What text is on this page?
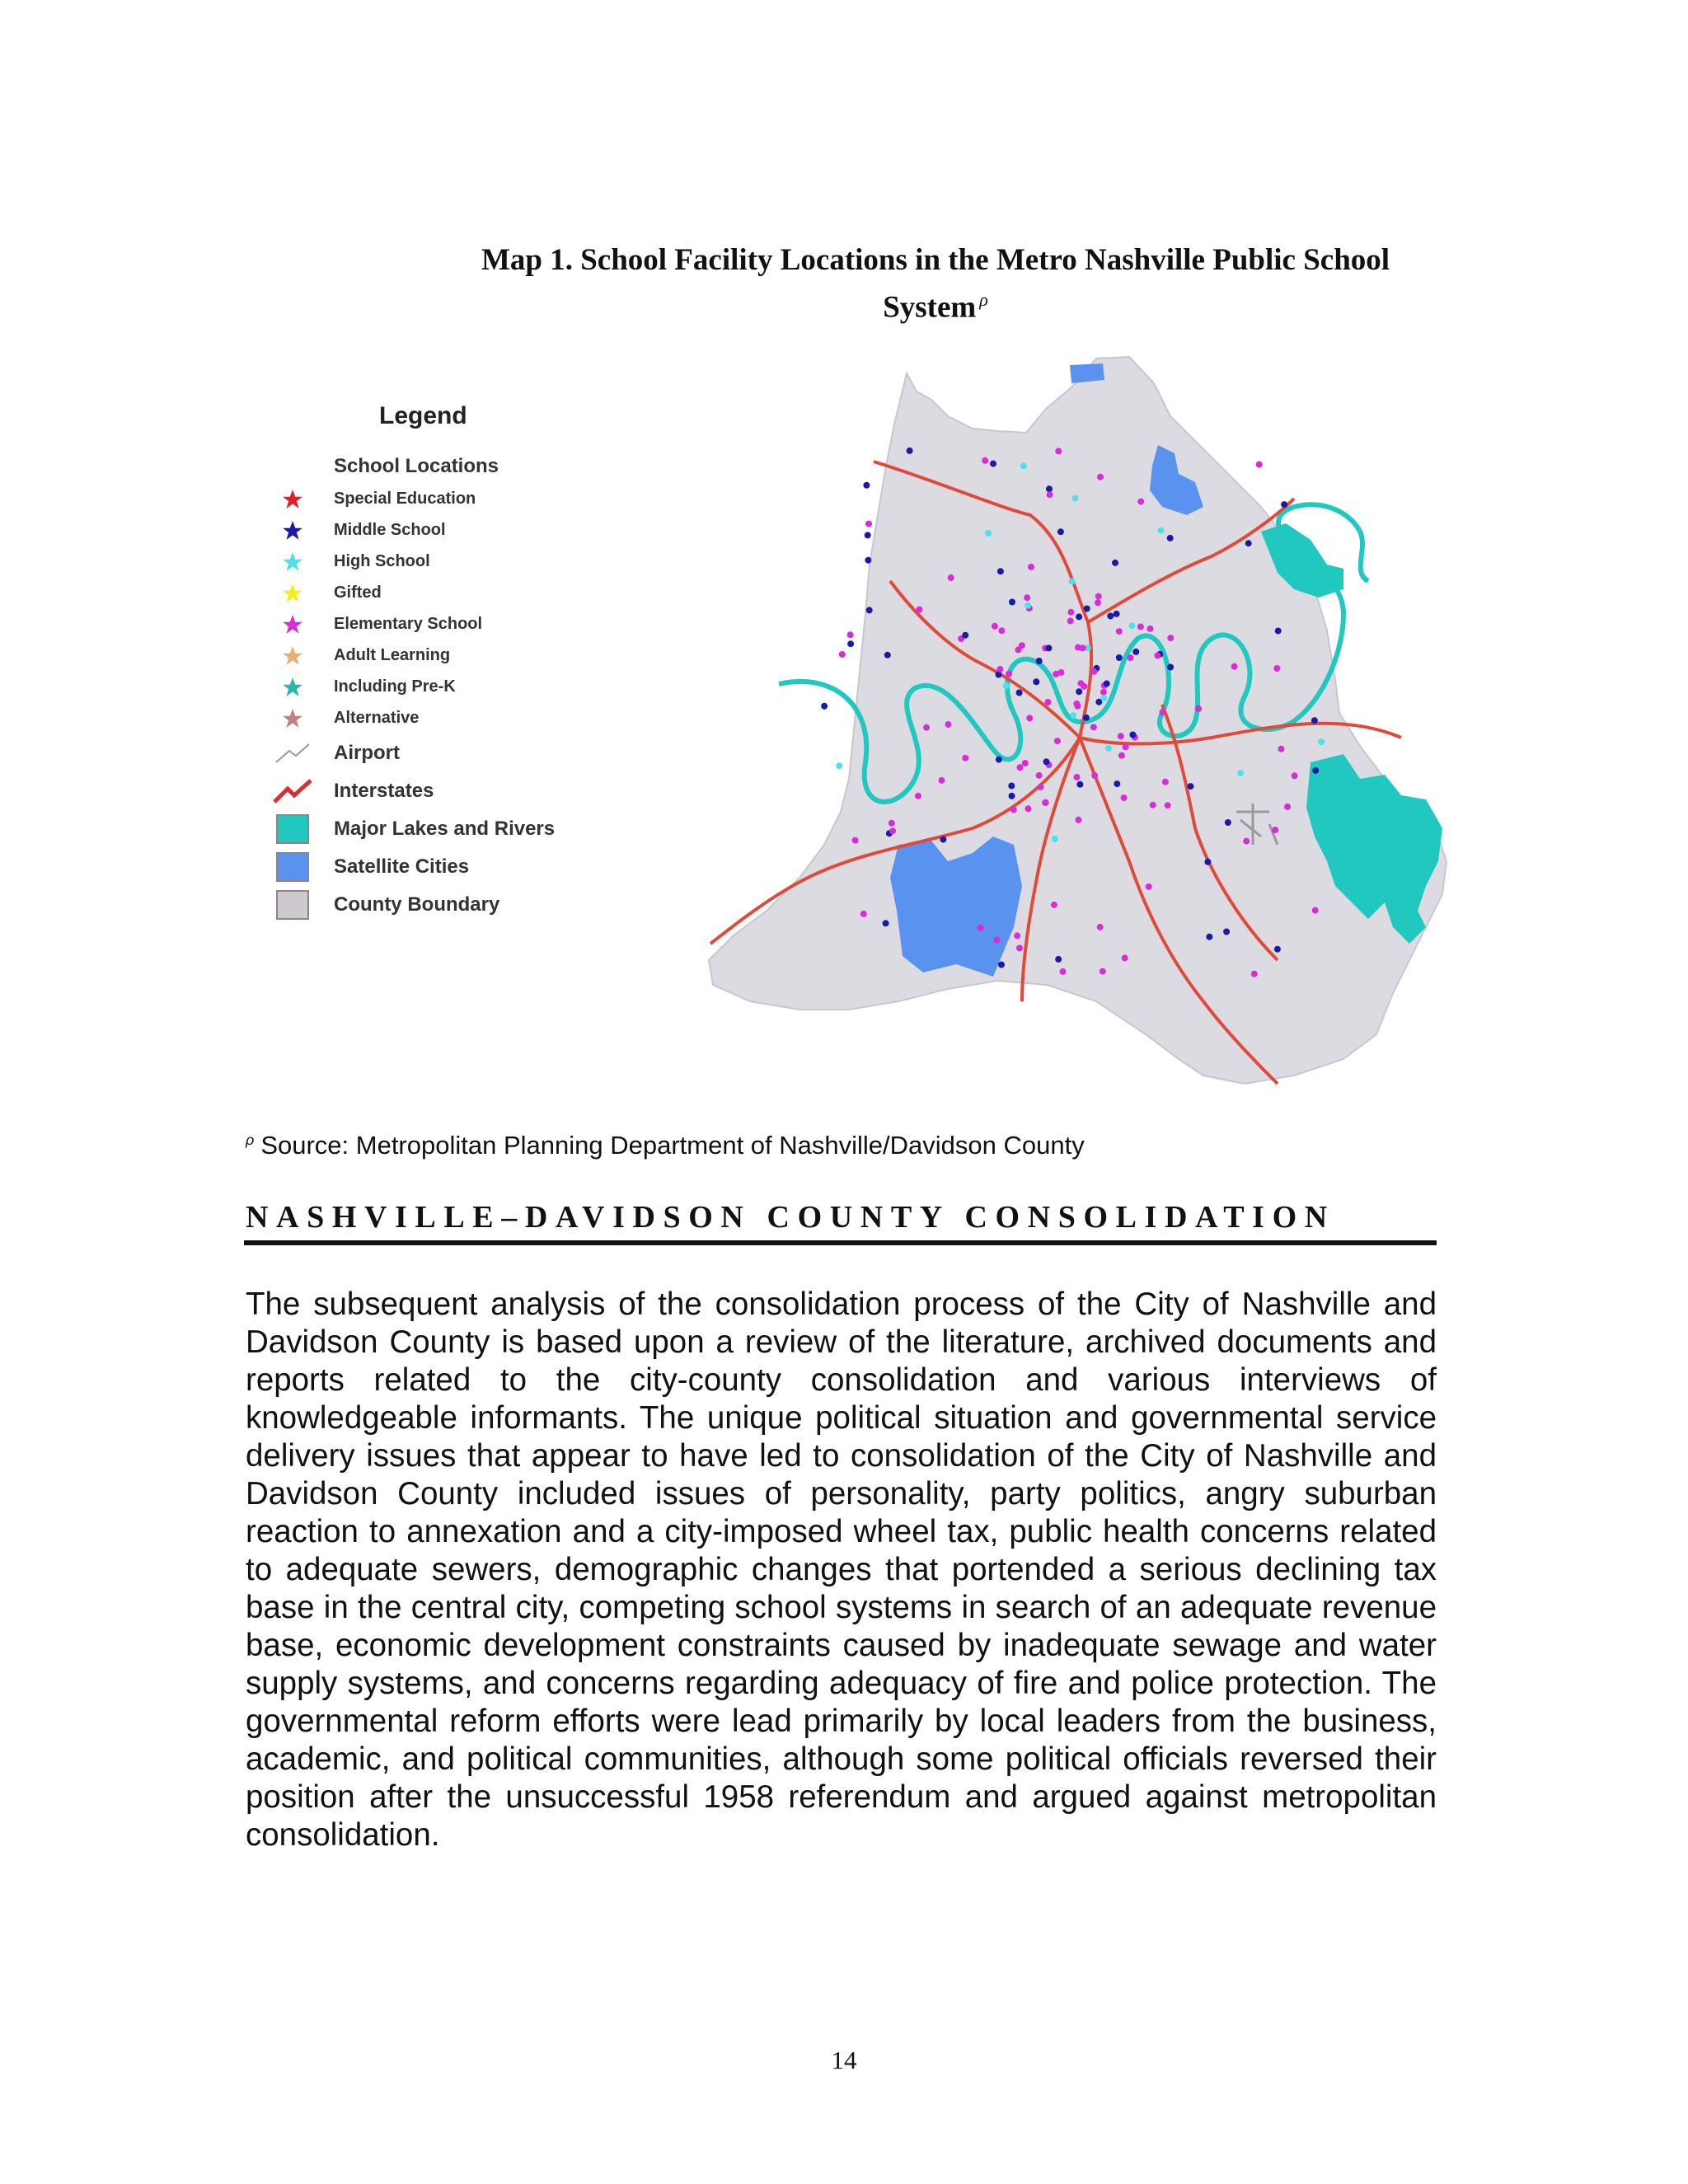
Map 1. School Facility Locations in the Metro Nashville Public School
System $^\rho$
Legend
School Locations
Special Education
Middle School
High School
Gifted
Elementary School
Adult Learning
Including Pre-K
Alternative
Airport
Interstates
Major Lakes and Rivers
Satellite Cities
County Boundary
$^\rho$ Source: Metropolitan Planning Department of Nashville/Davidson County
NASHVILLE–DAVIDSON COUNTY CONSOLIDATION
The subsequent analysis of the consolidation process of the City of Nashville and Davidson County is based upon a review of the literature, archived documents and reports related to the city-county consolidation and various interviews of knowledgeable informants. The unique political situation and governmental service delivery issues that appear to have led to consolidation of the City of Nashville and Davidson County included issues of personality, party politics, angry suburban reaction to annexation and a city-imposed wheel tax, public health concerns related to adequate sewers, demographic changes that portended a serious declining tax base in the central city, competing school systems in search of an adequate revenue base, economic development constraints caused by inadequate sewage and water supply systems, and concerns regarding adequacy of fire and police protection. The governmental reform efforts were lead primarily by local leaders from the business, academic, and political communities, although some political officials reversed their position after the unsuccessful 1958 referendum and argued against metropolitan consolidation.
14
